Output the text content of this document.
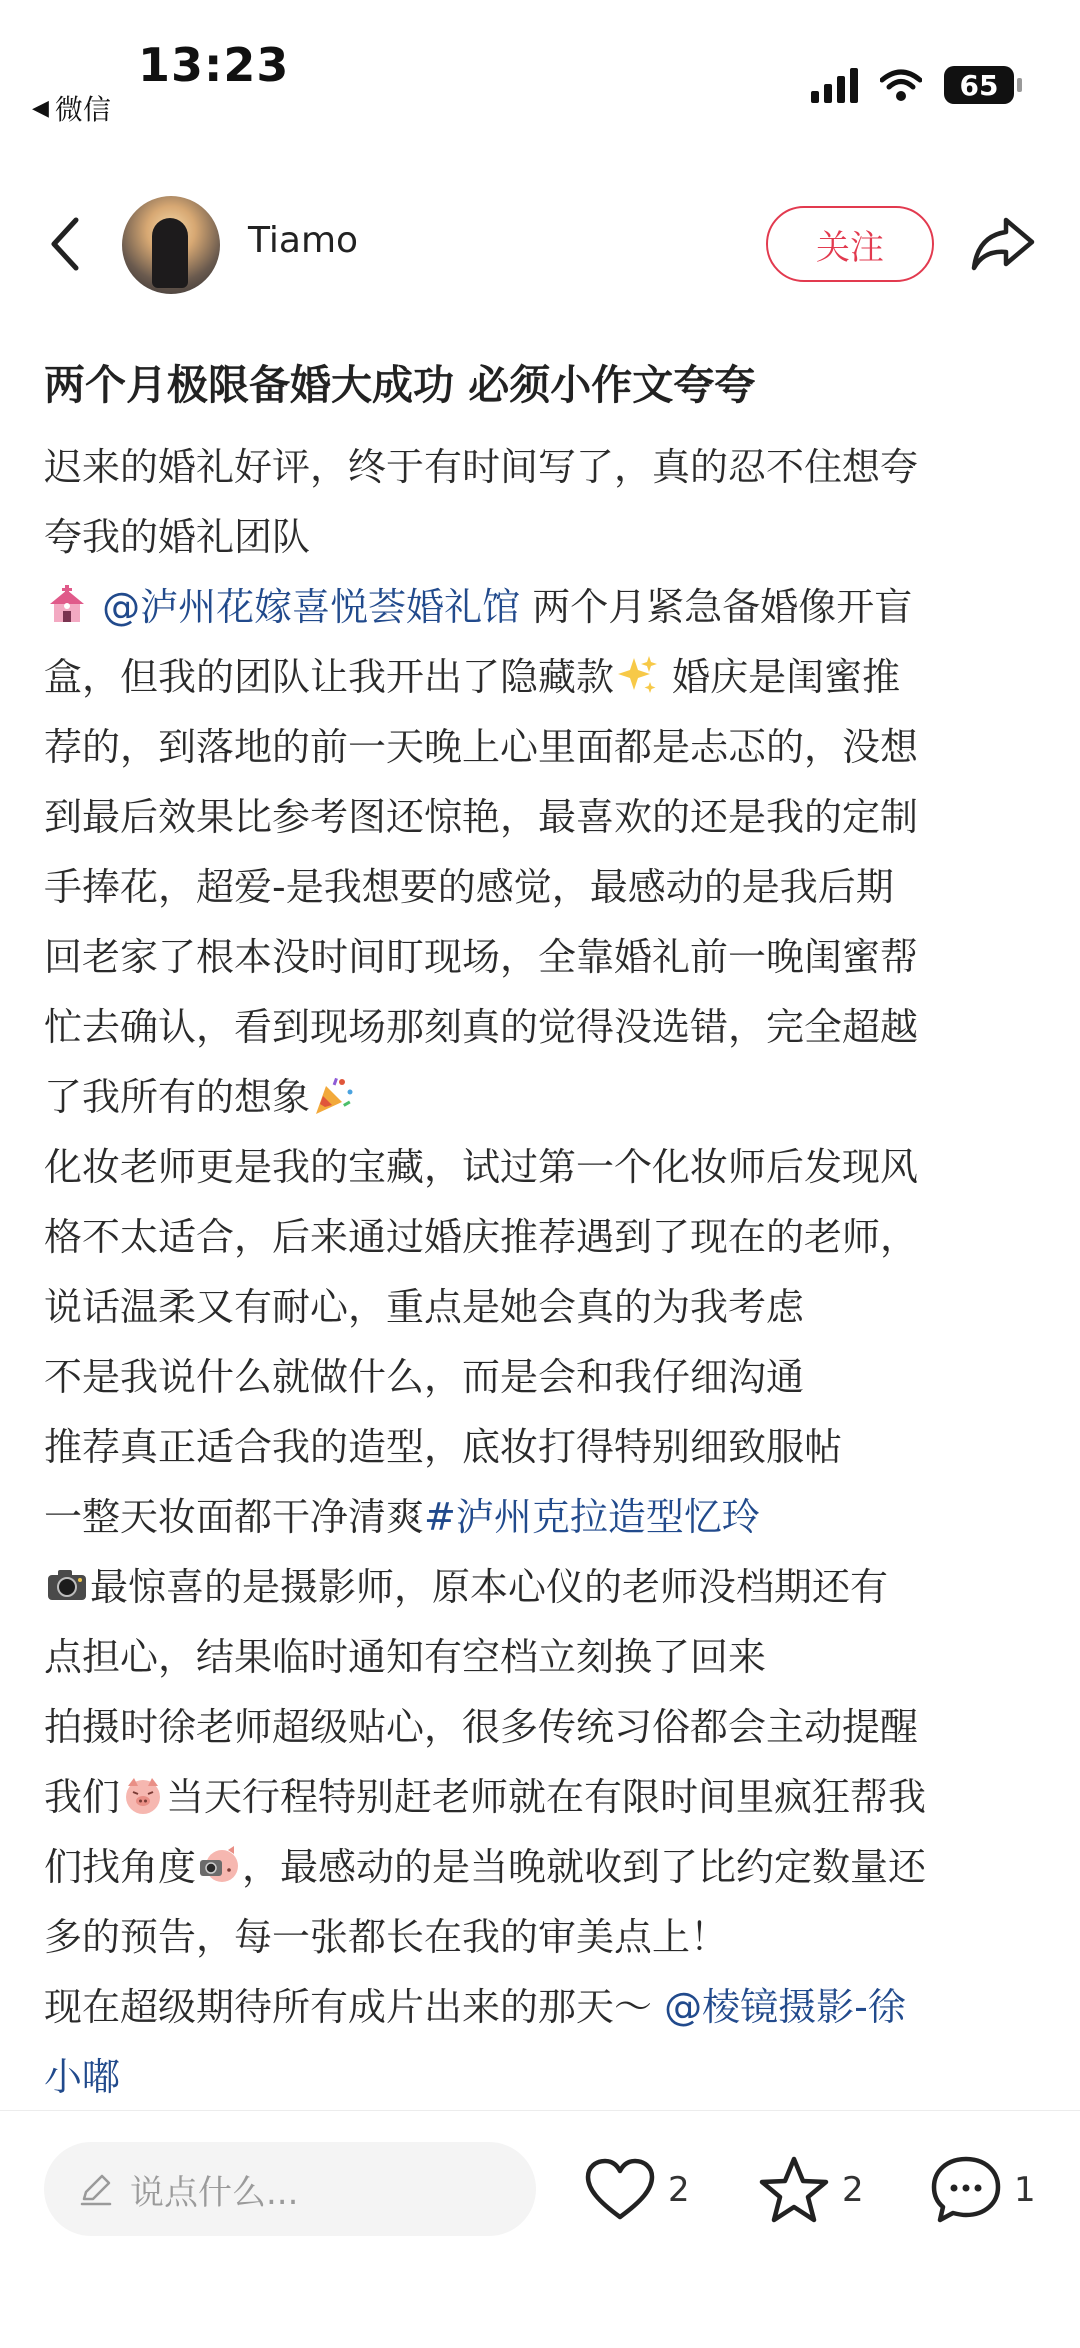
13:23
◀ 微信
65
Tiamo	关注
两个月极限备婚大成功 必须小作文夸夸
迟来的婚礼好评，终于有时间写了，真的忍不住想夸
夸我的婚礼团队
@泸州花嫁喜悦荟婚礼馆 两个月紧急备婚像开盲
盒，但我的团队让我开出了隐藏款 婚庆是闺蜜推
荐的，到落地的前一天晚上心里面都是忐忑的，没想
到最后效果比参考图还惊艳，最喜欢的还是我的定制
手捧花，超爱-是我想要的感觉，最感动的是我后期
回老家了根本没时间盯现场，全靠婚礼前一晚闺蜜帮
忙去确认，看到现场那刻真的觉得没选错，完全超越
了我所有的想象
化妆老师更是我的宝藏，试过第一个化妆师后发现风
格不太适合，后来通过婚庆推荐遇到了现在的老师，
说话温柔又有耐心，重点是她会真的为我考虑
不是我说什么就做什么，而是会和我仔细沟通
推荐真正适合我的造型，底妆打得特别细致服帖
一整天妆面都干净清爽#泸州克拉造型忆玲
最惊喜的是摄影师，原本心仪的老师没档期还有
点担心，结果临时通知有空档立刻换了回来
拍摄时徐老师超级贴心，很多传统习俗都会主动提醒
我们 当天行程特别赶老师就在有限时间里疯狂帮我
们找角度 ，最感动的是当晚就收到了比约定数量还
多的预告，每一张都长在我的审美点上！
现在超级期待所有成片出来的那天～ @棱镜摄影-徐
小嘟
说点什么...	2	2	1
